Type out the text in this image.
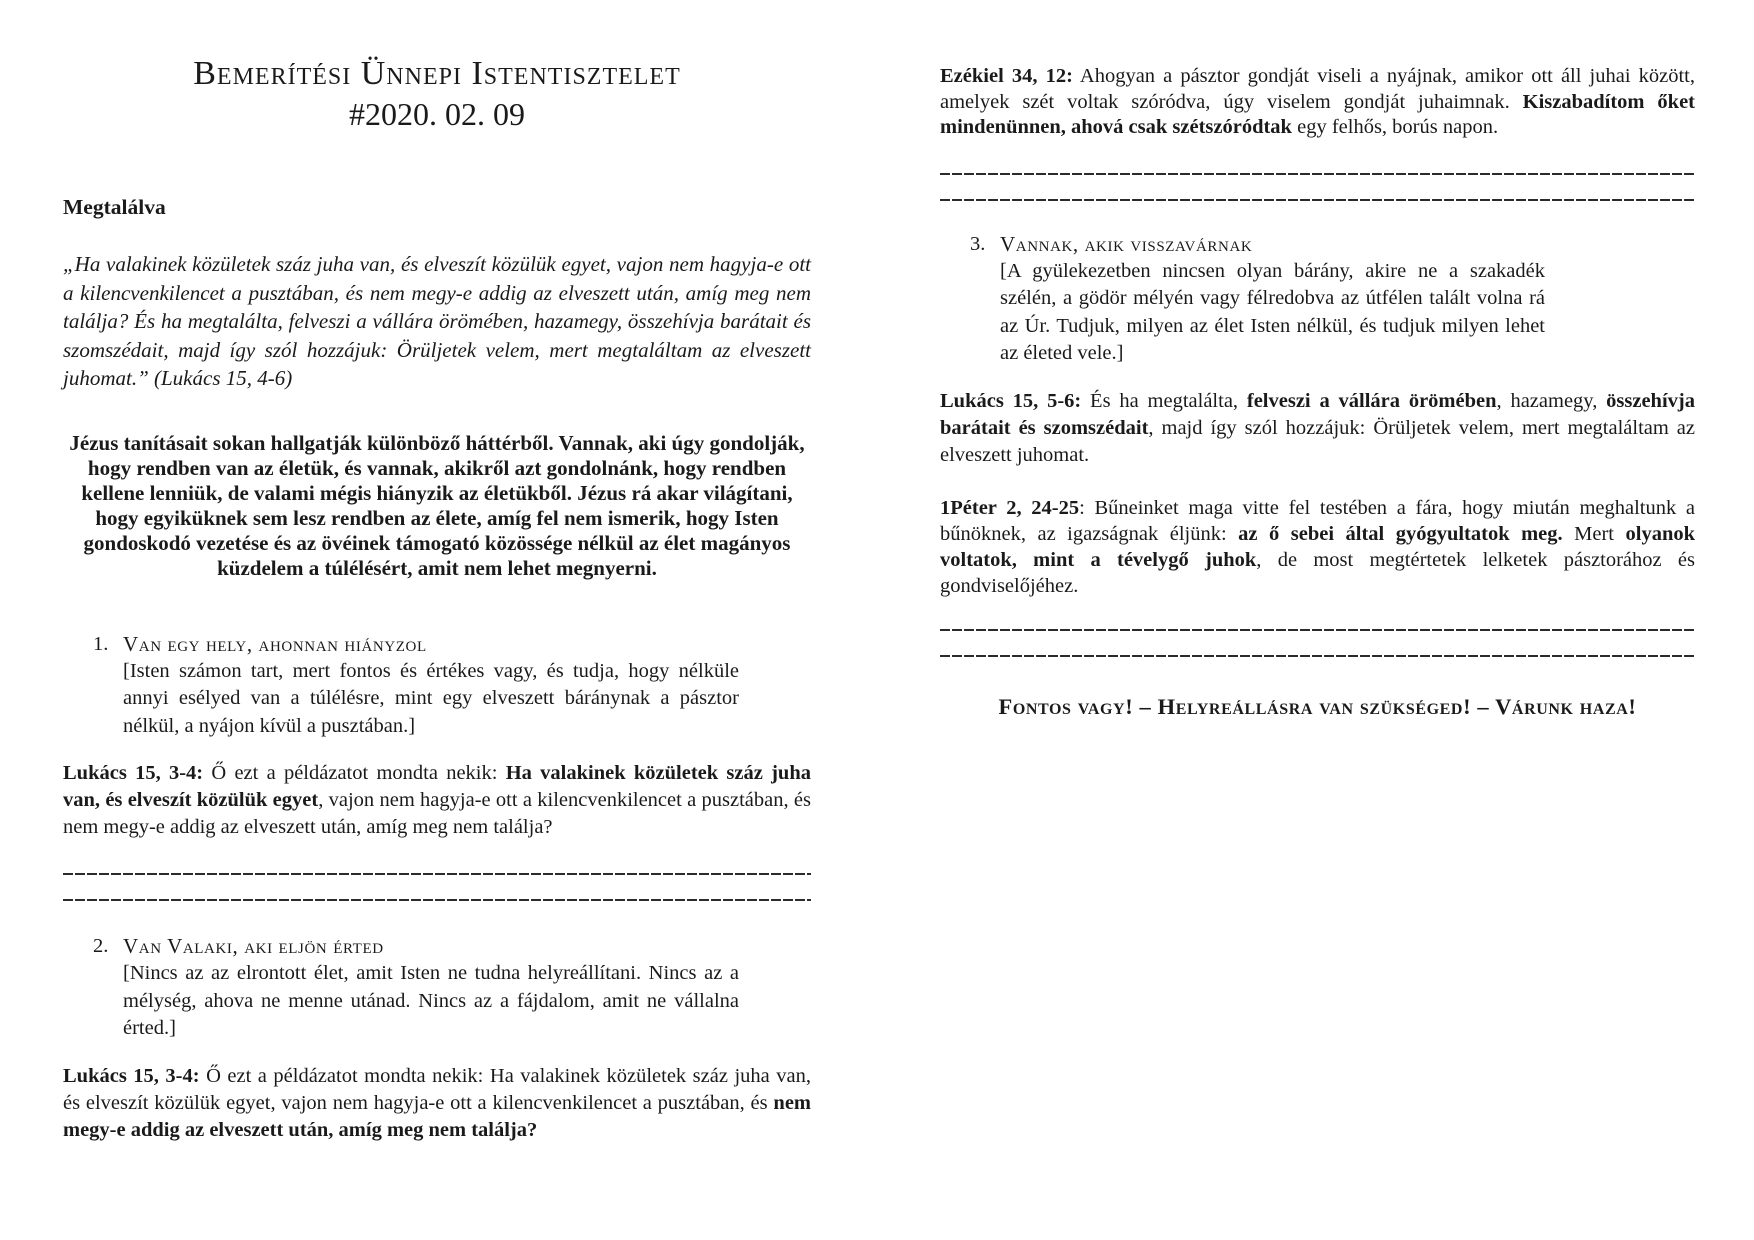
Bemerítési Ünnepi Istentisztelet
#2020. 02. 09
Megtalálva

„Ha valakinek közületek száz juha van, és elveszít közülük egyet, vajon nem hagyja-e ott a kilencvenkilencet a pusztában, és nem megy-e addig az elveszett után, amíg meg nem találja? És ha megtalálta, felveszi a vállára örömében, hazamegy, összehívja barátait és szomszédait, majd így szól hozzájuk: Örüljetek velem, mert megtaláltam az elveszett juhomat.” (Lukács 15, 4-6)

Jézus tanításait sokan hallgatják különböző háttérből. Vannak, aki úgy gondolják, hogy rendben van az életük, és vannak, akikről azt gondolnánk, hogy rendben kellene lenniük, de valami mégis hiányzik az életükből. Jézus rá akar világítani, hogy egyiküknek sem lesz rendben az élete, amíg fel nem ismerik, hogy Isten gondoskodó vezetése és az övéinek támogató közössége nélkül az élet magányos küzdelem a túlélésért, amit nem lehet megnyerni.

1. Van egy hely, ahonnan hiányzol
[Isten számon tart, mert fontos és értékes vagy, és tudja, hogy nélküle annyi esélyed van a túlélésre, mint egy elveszett báránynak a pásztor nélkül, a nyájon kívül a pusztában.]

Lukács 15, 3-4: Ő ezt a példázatot mondta nekik: Ha valakinek közületek száz juha van, és elveszít közülük egyet, vajon nem hagyja-e ott a kilencvenkilencet a pusztában, és nem megy-e addig az elveszett után, amíg meg nem találja?

2. Van Valaki, aki eljön érted
[Nincs az az elrontott élet, amit Isten ne tudna helyreállítani. Nincs az a mélység, ahova ne menne utánad. Nincs az a fájdalom, amit ne vállalna érted.]

Lukács 15, 3-4: Ő ezt a példázatot mondta nekik: Ha valakinek közületek száz juha van, és elveszít közülük egyet, vajon nem hagyja-e ott a kilencvenkilencet a pusztában, és nem megy-e addig az elveszett után, amíg meg nem találja?

Ezékiel 34, 12: Ahogyan a pásztor gondját viseli a nyájnak, amikor ott áll juhai között, amelyek szét voltak szóródva, úgy viselem gondját juhaimnak. Kiszabadítom őket mindenünnen, ahová csak szétszóródtak egy felhős, borús napon.

3. Vannak, akik visszavárnak
[A gyülekezetben nincsen olyan bárány, akire ne a szakadék szélén, a gödör mélyén vagy félredobva az útfélen talált volna rá az Úr. Tudjuk, milyen az élet Isten nélkül, és tudjuk milyen lehet az életed vele.]

Lukács 15, 5-6: És ha megtalálta, felveszi a vállára örömében, hazamegy, összehívja barátait és szomszédait, majd így szól hozzájuk: Örüljetek velem, mert megtaláltam az elveszett juhomat.

1Péter 2, 24-25: Bűneinket maga vitte fel testében a fára, hogy miután meghaltunk a bűnöknek, az igazságnak éljünk: az ő sebei által gyógyultatok meg. Mert olyanok voltatok, mint a tévelygő juhok, de most megtértetek lelketek pásztorához és gondviselőjéhez.

Fontos vagy! – Helyreállásra van szükséged! – Várunk haza!
